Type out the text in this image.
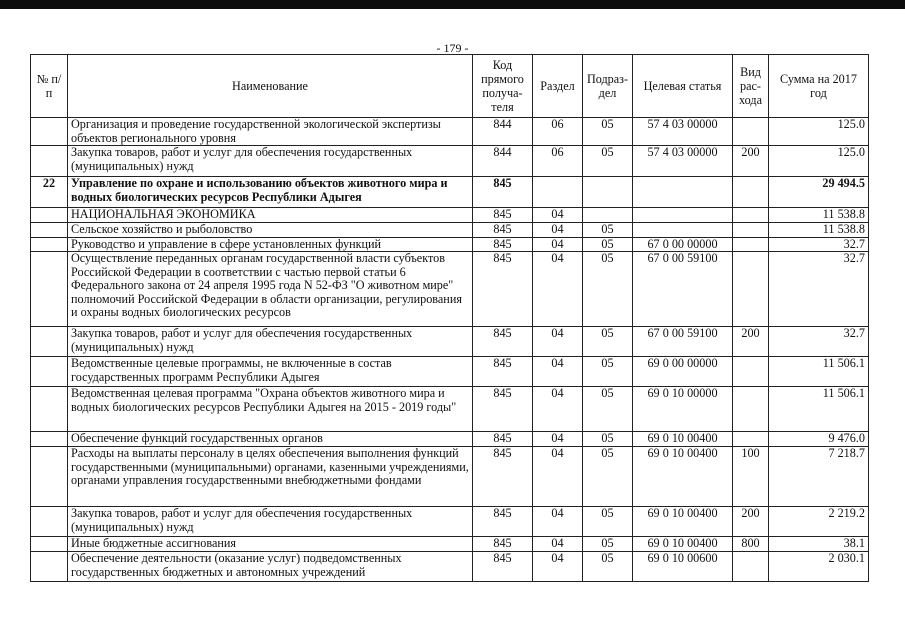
- 179 -
№ п/п	Наименование	Код прямого получа-теля	Раздел	Подраз-дел	Целевая статья	Вид рас-хода	Сумма на 2017 год
	Организация и проведение государственной экологической экспертизы объектов регионального уровня	844	06	05	57 4 03 00000		125.0
	Закупка товаров, работ и услуг для обеспечения государственных (муниципальных) нужд	844	06	05	57 4 03 00000	200	125.0
22	Управление по охране и использованию объектов животного мира и водных биологических ресурсов Республики Адыгея	845					29 494.5
	НАЦИОНАЛЬНАЯ ЭКОНОМИКА	845	04				11 538.8
	Сельское хозяйство и рыболовство	845	04	05			11 538.8
	Руководство и управление в сфере установленных функций	845	04	05	67 0 00 00000		32.7
	Осуществление переданных органам государственной власти субъектов Российской Федерации в соответствии с частью первой статьи 6 Федерального закона от 24 апреля 1995 года N 52-ФЗ "О животном мире" полномочий Российской Федерации в области организации, регулирования и охраны водных биологических ресурсов	845	04	05	67 0 00 59100		32.7
	Закупка товаров, работ и услуг для обеспечения государственных (муниципальных) нужд	845	04	05	67 0 00 59100	200	32.7
	Ведомственные целевые программы, не включенные в состав государственных программ Республики Адыгея	845	04	05	69 0 00 00000		11 506.1
	Ведомственная целевая программа "Охрана объектов животного мира и водных биологических ресурсов Республики Адыгея на 2015 - 2019 годы"	845	04	05	69 0 10 00000		11 506.1
	Обеспечение функций государственных органов	845	04	05	69 0 10 00400		9 476.0
	Расходы на выплаты персоналу в целях обеспечения выполнения функций государственными (муниципальными) органами, казенными учреждениями, органами управления государственными внебюджетными фондами	845	04	05	69 0 10 00400	100	7 218.7
	Закупка товаров, работ и услуг для обеспечения государственных (муниципальных) нужд	845	04	05	69 0 10 00400	200	2 219.2
	Иные бюджетные ассигнования	845	04	05	69 0 10 00400	800	38.1
	Обеспечение деятельности (оказание услуг) подведомственных государственных бюджетных и автономных учреждений	845	04	05	69 0 10 00600		2 030.1
